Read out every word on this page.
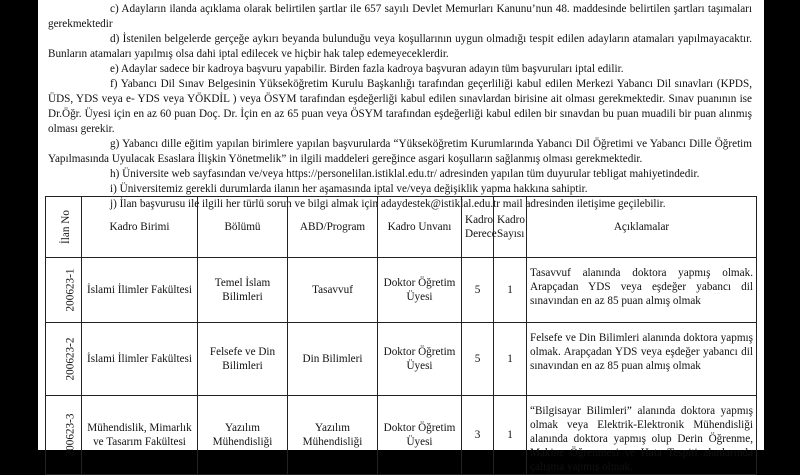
c) Adayların ilanda açıklama olarak belirtilen şartlar ile 657 sayılı Devlet Memurları Kanunu’nun 48. maddesinde belirtilen şartları taşımaları gerekmektedir

d) İstenilen belgelerde gerçeğe aykırı beyanda bulunduğu veya koşullarının uygun olmadığı tespit edilen adayların atamaları yapılmayacaktır. Bunların atamaları yapılmış olsa dahi iptal edilecek ve hiçbir hak talep edemeyeceklerdir.

e) Adaylar sadece bir kadroya başvuru yapabilir. Birden fazla kadroya başvuran adayın tüm başvuruları iptal edilir.

f) Yabancı Dil Sınav Belgesinin Yükseköğretim Kurulu Başkanlığı tarafından geçerliliği kabul edilen Merkezi Yabancı Dil sınavları (KPDS, ÜDS, YDS veya e- YDS veya YÖKDİL ) veya ÖSYM tarafından eşdeğerliği kabul edilen sınavlardan birisine ait olması gerekmektedir. Sınav puanının ise Dr.Öğr. Üyesi için en az 60 puan Doç. Dr. İçin en az 65 puan veya ÖSYM tarafından eşdeğerliği kabul edilen bir sınavdan bu puan muadili bir puan alınmış olması gerekir.

g) Yabancı dille eğitim yapılan birimlere yapılan başvurularda “Yükseköğretim Kurumlarında Yabancı Dil Öğretimi ve Yabancı Dille Öğretim Yapılmasında Uyulacak Esaslara İlişkin Yönetmelik” in ilgili maddeleri gereğince asgari koşulların sağlanmış olması gerekmektedir.

h) Üniversite web sayfasından ve/veya https://personelilan.istiklal.edu.tr/ adresinden yapılan tüm duyurular tebligat mahiyetindedir.

i) Üniversitemiz gerekli durumlarda ilanın her aşamasında iptal ve/veya değişiklik yapma hakkına sahiptir.

j) İlan başvurusu ile ilgili her türlü sorun ve bilgi almak için adaydestek@istiklal.edu.tr mail adresinden iletişime geçilebilir.

İlan No	Kadro Birimi	Bölümü	ABD/Program	Kadro Unvanı	Kadro Derece	Kadro Sayısı	Açıklamalar
200623-1	İslami İlimler Fakültesi	Temel İslam Bilimleri	Tasavvuf	Doktor Öğretim Üyesi	5	1	Tasavvuf alanında doktora yapmış olmak. Arapçadan YDS veya eşdeğer yabancı dil sınavından en az 85 puan almış olmak
200623-2	İslami İlimler Fakültesi	Felsefe ve Din Bilimleri	Din Bilimleri	Doktor Öğretim Üyesi	5	1	Felsefe ve Din Bilimleri alanında doktora yapmış olmak. Arapçadan YDS veya eşdeğer yabancı dil sınavından en az 85 puan almış olmak
200623-3	Mühendislik, Mimarlık ve Tasarım Fakültesi	Yazılım Mühendisliği	Yazılım Mühendisliği	Doktor Öğretim Üyesi	3	1	“Bilgisayar Bilimleri” alanında doktora yapmış olmak veya Elektrik-Elektronik Mühendisliği alanında doktora yapmış olup Derin Öğrenme, Makine Öğrenmesi ve Hata Tespiti alanlarında çalışma yapmış olmak.
